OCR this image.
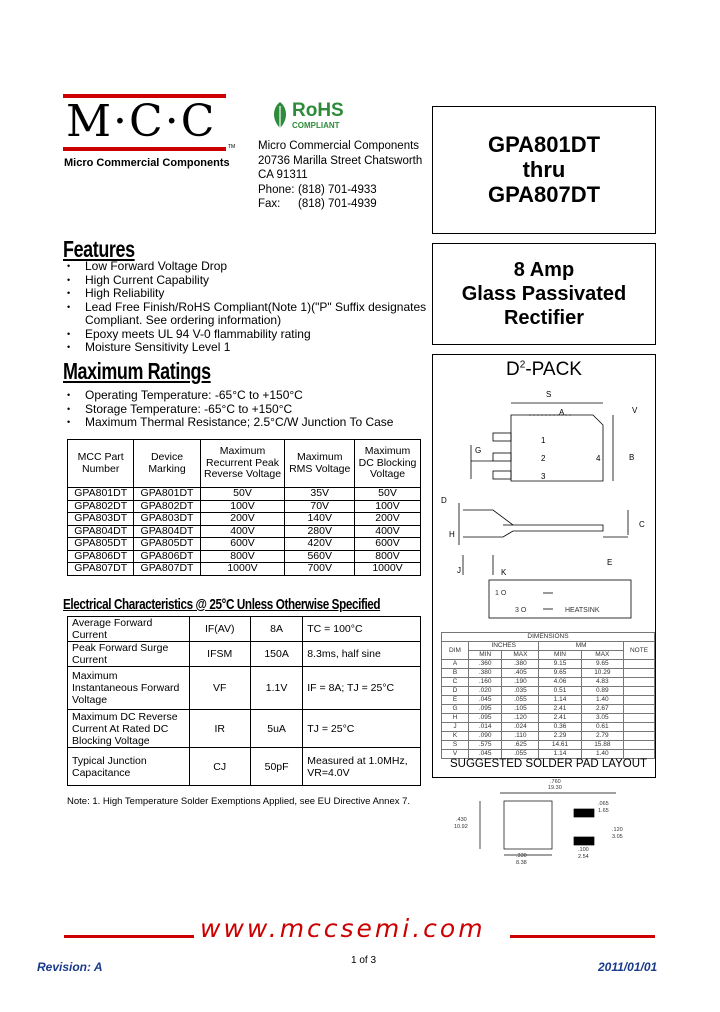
M·C·C TM
Micro Commercial Components
RoHS
COMPLIANT
Micro Commercial Components
20736 Marilla Street Chatsworth
CA 91311
Phone: (818) 701-4933
Fax: (818) 701-4939
GPA801DT
thru
GPA807DT
8 Amp
Glass Passivated
Rectifier
Features
• Low Forward Voltage Drop
• High Current Capability
• High Reliability
• Lead Free Finish/RoHS Compliant(Note 1)("P" Suffix designates Compliant. See ordering information)
• Epoxy meets UL 94 V-0 flammability rating
• Moisture Sensitivity Level 1
Maximum Ratings
• Operating Temperature: -65°C to +150°C
• Storage Temperature: -65°C to +150°C
• Maximum Thermal Resistance; 2.5°C/W Junction To Case
MCC Part Number	Device Marking	Maximum Recurrent Peak Reverse Voltage	Maximum RMS Voltage	Maximum DC Blocking Voltage
GPA801DT	GPA801DT	50V	35V	50V
GPA802DT	GPA802DT	100V	70V	100V
GPA803DT	GPA803DT	200V	140V	200V
GPA804DT	GPA804DT	400V	280V	400V
GPA805DT	GPA805DT	600V	420V	600V
GPA806DT	GPA806DT	800V	560V	800V
GPA807DT	GPA807DT	1000V	700V	1000V
Electrical Characteristics @ 25°C Unless Otherwise Specified
Average Forward Current	IF(AV)	8A	TC = 100°C
Peak Forward Surge Current	IFSM	150A	8.3ms, half sine
Maximum Instantaneous Forward Voltage	VF	1.1V	IF = 8A; TJ = 25°C
Maximum DC Reverse Current At Rated DC Blocking Voltage	IR	5uA	TJ = 25°C
Typical Junction Capacitance	CJ	50pF	Measured at 1.0MHz, VR=4.0V
Note: 1. High Temperature Solder Exemptions Applied, see EU Directive Annex 7.
$D^2$-PACK
S
A	V
G
B
D
H
C
E
J	K
1
2
3
4
1 O
3 O	HEATSINK
DIMENSIONS					
DIM	INCHES		MM		NOTE
	MIN	MAX	MIN	MAX	
A	.360	.380	9.15	9.65	
B	.380	.405	9.65	10.29	
C	.160	.190	4.06	4.83	
D	.020	.035	0.51	0.89	
E	.045	.055	1.14	1.40	
G	.095	.105	2.41	2.67	
H	.095	.120	2.41	3.05	
J	.014	.024	0.36	0.61	
K	.090	.110	2.29	2.79	
S	.575	.625	14.61	15.88	
V	.045	.055	1.14	1.40	
SUGGESTED SOLDER PAD LAYOUT
.760
19.30
.430
10.92
.330
8.38
.065
1.65
.120
3.05
.100
2.54
www.mccsemi.com
Revision: A	1 of 3	2011/01/01
